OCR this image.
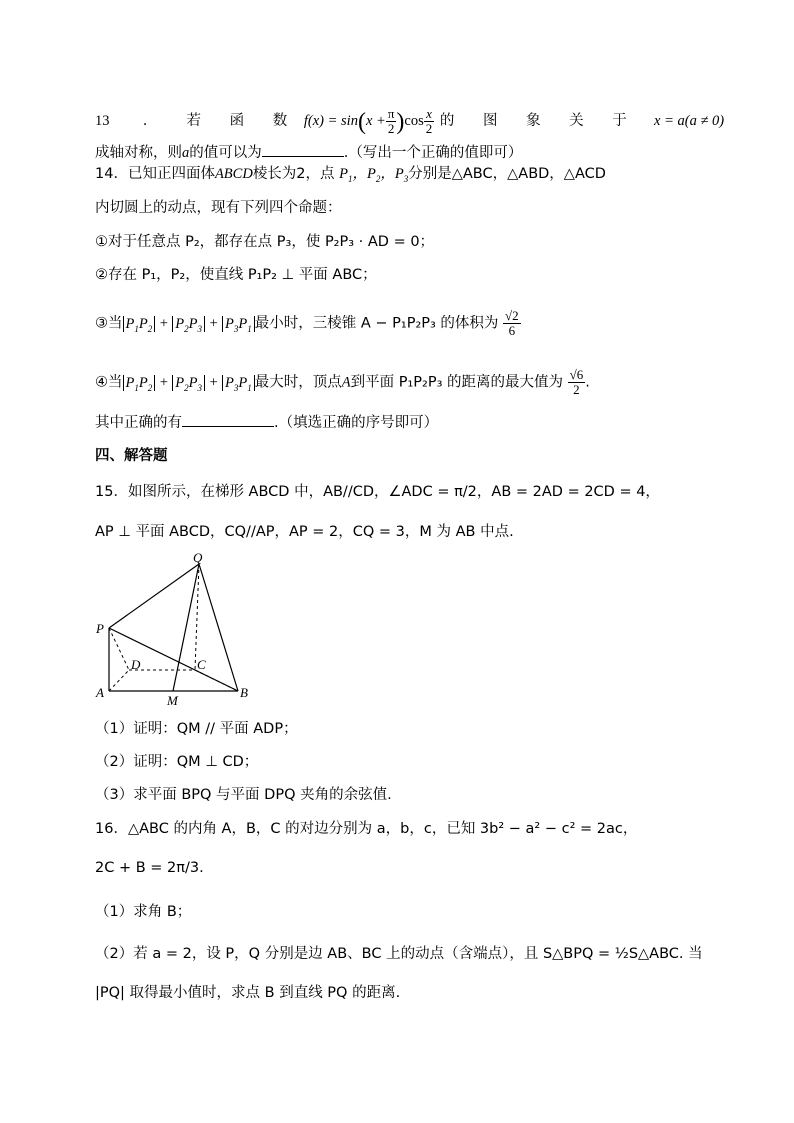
13 .	若 函 数 $f(x) = \sin(x + \frac{\pi}{2} )\cos \frac{x}{2}$ 的 图 象 关 于 x = a(a ≠ 0)
成轴对称，则a的值可以为	.（写出一个正确的值即可）
14．已知正四面体ABCD棱长为2，点 $P_1$，$P_2$，$P_3$分别是△ABC，△ABD，△ACD
内切圆上的动点，现有下列四个命题：
①对于任意点 P₂，都存在点 P₃，使 P₂P₃ · AD = 0；
②存在 P₁，P₂，使直线 P₁P₂ ⊥ 平面 ABC；
③当 $P_1P_2 + P_2P_3 + P_3P_1$ 最小时，三棱锥 A − P₁P₂P₃ 的体积为 $\frac{√2}{6}$
④当 $P_1P_2 + P_2P_3 + P_3P_1$ 最大时，顶点A到平面 P₁P₂P₃ 的距离的最大值为 $\frac{√6}{2}$ .
其中正确的有	.（填选正确的序号即可）
四、解答题
15．如图所示，在梯形 ABCD 中，AB//CD，∠ADC = π/2，AB = 2AD = 2CD = 4，
AP ⊥ 平面 ABCD，CQ//AP，AP = 2，CQ = 3，M 为 AB 中点.
Q
P
D	C
A
M
B
（1）证明：QM // 平面 ADP；
（2）证明：QM ⊥ CD；
（3）求平面 BPQ 与平面 DPQ 夹角的余弦值.
16．△ABC 的内角 A，B，C 的对边分别为 a，b，c，已知 3b² − a² − c² = 2ac，
2C + B = 2π/3.
（1）求角 B；
（2）若 a = 2，设 P，Q 分别是边 AB、BC 上的动点（含端点），且 S△BPQ = ½S△ABC. 当
|PQ| 取得最小值时，求点 B 到直线 PQ 的距离.
